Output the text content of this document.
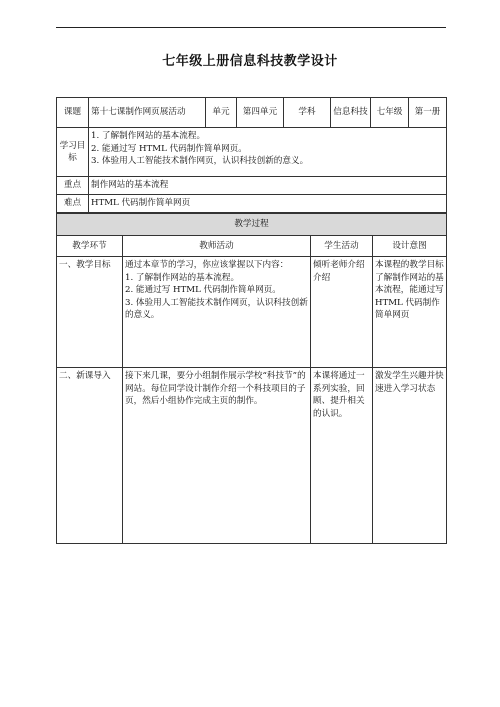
七年级上册信息科技教学设计
课题	第十七课制作网页展活动	单元	第四单元	学科	信息科技	七年级	第一册
学习目标	1. 了解制作网站的基本流程。
2. 能通过写 HTML 代码制作简单网页。
3. 体验用人工智能技术制作网页，认识科技创新的意义。						

重点	制作网站的基本流程						
难点	HTML 代码制作简单网页						
教学过程			
教学环节	教师活动	学生活动	设计意图
一、教学目标	通过本章节的学习，你应该掌握以下内容：
1. 了解制作网站的基本流程。
2. 能通过写 HTML 代码制作简单网页。
3. 体验用人工智能技术制作网页，认识科技创新的意义。	倾听老师介绍介绍	本课程的教学目标了解制作网站的基本流程，能通过写 HTML 代码制作简单网页
二、新课导入	接下来几课，要分小组制作展示学校“科技节”的网站。每位同学设计制作介绍一个科技项目的子页，然后小组协作完成主页的制作。	本课将通过一系列实验，回顾、提升相关的认识。	激发学生兴趣并快速进入学习状态
